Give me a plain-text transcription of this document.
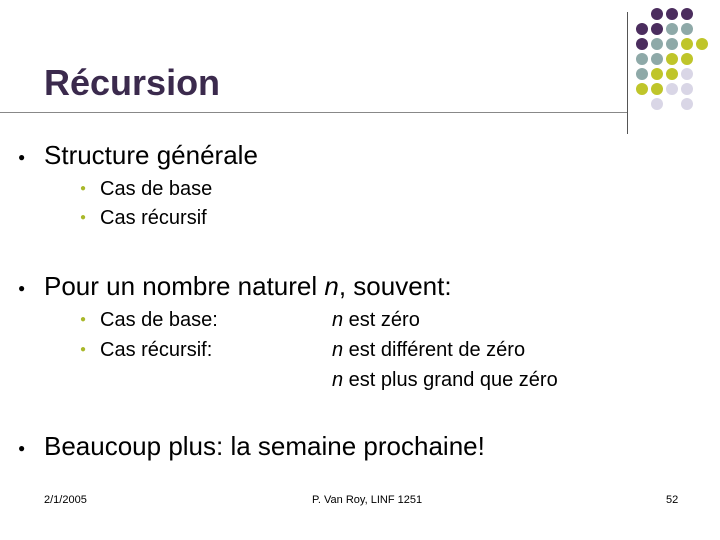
Récursion
●
Structure générale
●
Cas de base
●
Cas récursif
●
Pour un nombre naturel n, souvent:
●
Cas de base:
●
Cas récursif:
n est zéro
n est différent de zéro
n est plus grand que zéro
●
Beaucoup plus: la semaine prochaine!
2/1/2005	P. Van Roy, LINF 1251	52
